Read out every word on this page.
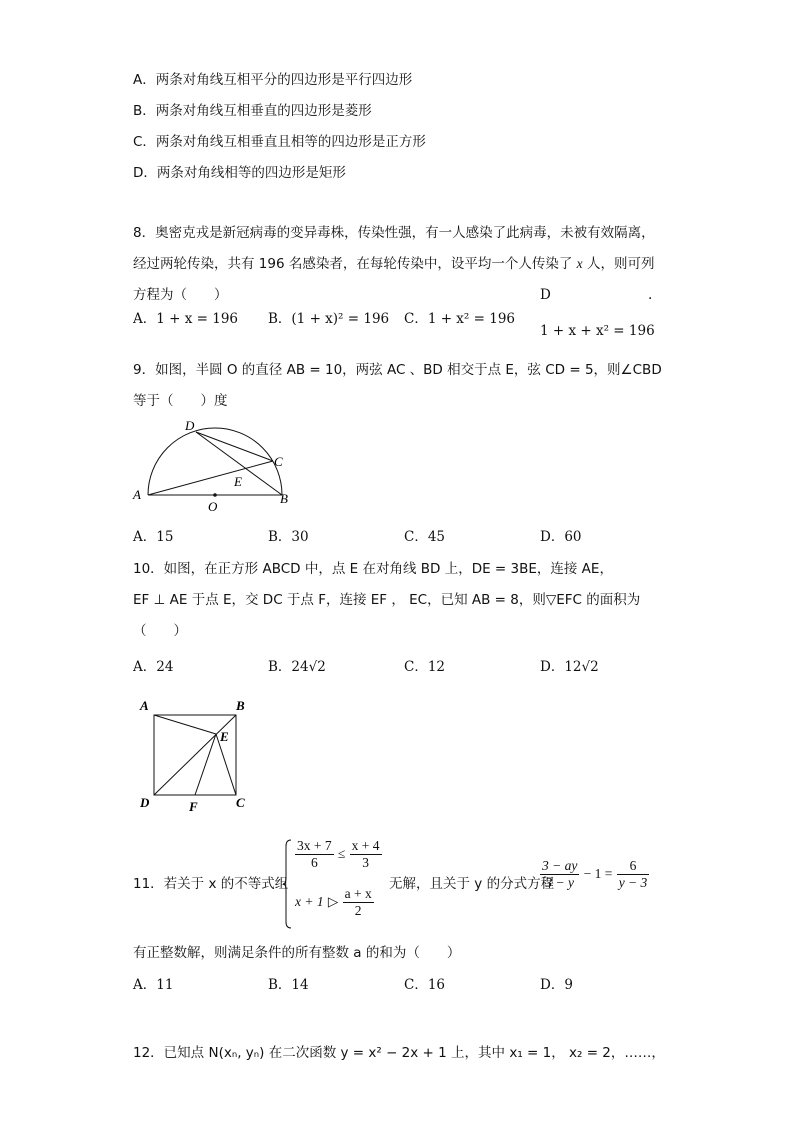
A．两条对角线互相平分的四边形是平行四边形
B．两条对角线互相垂直的四边形是菱形
C．两条对角线互相垂直且相等的四边形是正方形
D．两条对角线相等的四边形是矩形
8．奥密克戎是新冠病毒的变异毒株，传染性强，有一人感染了此病毒，未被有效隔离，
经过两轮传染，共有 196 名感染者，在每轮传染中，设平均一个人传染了 x 人，则可列
方程为（　　）
A．1 + x = 196 B．(1 + x)² = 196 C．1 + x² = 196
D	.
1 + x + x² = 196
9．如图，半圆 O 的直径 AB = 10，两弦 AC 、BD 相交于点 E，弦 CD = 5，则∠CBD
等于（　　）度
D
C
E
A
O
B
A．15	B．30	C．45	D．60
10．如图，在正方形 ABCD 中，点 E 在对角线 BD 上，DE = 3BE，连接 AE，
EF ⊥ AE 于点 E，交 DC 于点 F，连接 EF ， EC，已知 AB = 8，则▽EFC 的面积为
（　　）
A．24	B．24√2	C．12	D．12√2
A	B
E
D	F	C
11．若关于 x 的不等式组
$\frac{3x + 7}{6} \le \frac{x + 4}{3}$
x + 1 ▷ $\frac{a + x}{2}$
无解，且关于 y 的分式方程
$\frac{3 - ay}{3 - y} - 1 = \frac{6}{y - 3}$
有正整数解，则满足条件的所有整数 a 的和为（　　）
A．11	B．14	C．16	D．9
12．已知点 N(xₙ, yₙ) 在二次函数 y = x² − 2x + 1 上，其中 x₁ = 1， x₂ = 2，……，
